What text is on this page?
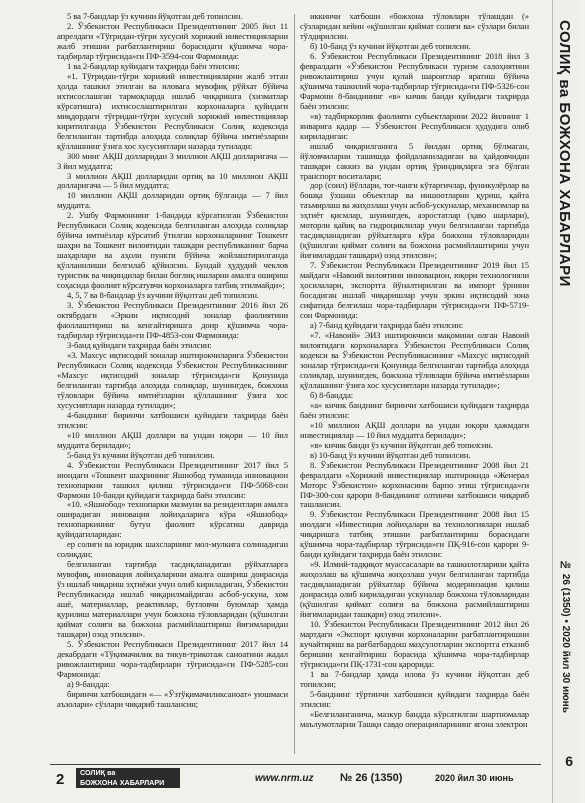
5 ва 7-бандлар ўз кучини йўқотган деб топилсин.

2. Ўзбекистон Республикаси Президентининг 2005 йил 11 апрелдаги «Тўғридан-тўғри хусусий хорижий инвестицияларни жалб этишни рағбатлантириш борасидаги қўшимча чора-тадбирлар тўғрисида»ги ПФ-3594-сон Фармонида:

1 ва 2-бандлар қуйидаги таҳрирда баён этилсин:

«1. Тўғридан-тўғри хорижий инвестицияларни жалб этган ҳолда ташкил этилган ва иловага мувофиқ рўйхат бўйича ихтисослашган тармоқларда ишлаб чиқаришга (хизматлар кўрсатишга) ихтисослаштирилган корхоналарга қуйидаги миқдордаги тўғридан-тўғри хусусий хорижий инвестициялар киритилганда Ўзбекистон Республикаси Солиқ кодексида белгиланган тартибда алоҳида солиқлар бўйича имтиёзларни қўллашнинг ўзига хос хусусиятлари назарда тутилади:

300 минг АҚШ долларидан 3 миллион АҚШ долларигача — 3 йил муддатга;

3 миллион АҚШ долларидан ортиқ ва 10 миллион АҚШ долларигача — 5 йил муддатга;

10 миллион АҚШ долларидан ортиқ бўлганда — 7 йил муддатга.

2. Ушбу Фармоннинг 1-бандида кўрсатилган Ўзбекистон Республикаси Солиқ кодексида белгиланган алоҳида солиқлар бўйича имтиёзлар кўрсатиб ўтилган корхоналарнинг Тошкент шаҳри ва Тошкент вилоятидан ташқари республиканинг барча шаҳарлари ва аҳоли пункти бўйича жойлаштирилганда қўлланилиши белгилаб қўйилсин. Бундай ҳудудий чеклов туристик ва чиқиндилар билан боғлиқ ишларни амалга ошириш соҳасида фаолият кўрсатувчи корхоналарга татбиқ этилмайди»;

4, 5, 7 ва 8-бандлар ўз кучини йўқотган деб топилсин.

3. Ўзбекистон Республикаси Президентининг 2016 йил 26 октябрдаги «Эркин иқтисодий зоналар фаолиятини фаоллаштириш ва кенгайтиришга доир қўшимча чора-тадбирлар тўғрисида»ги ПФ-4853-сон Фармонида:

3-банд қуйидаги таҳрирда баён этилсин:

«3. Махсус иқтисодий зоналар иштирокчиларига Ўзбекистон Республикаси Солиқ кодексида Ўзбекистон Республикасининг «Махсус иқтисодий зоналар тўғрисида»ги Қонунида белгиланган тартибда алоҳида солиқлар, шунингдек, божхона тўловлари бўйича имтиёзларни қўллашнинг ўзига хос хусусиятлари назарда тутилади»;

4-банднинг биринчи хатбошиси қуйидаги таҳрирда баён этилсин:

«10 миллион АҚШ доллари ва ундан юқори — 10 йил муддатга берилади»;

5-банд ўз кучини йўқотган деб топилсин.

4. Ўзбекистон Республикаси Президентининг 2017 йил 5 июндаги «Тошкент шаҳрининг Яшнобод туманида инновацион технопаркни ташкил қилиш тўғрисида»ги ПФ-5068-сон Фармони 10-банди қуйидаги таҳрирда баён этилсин:

«10. «Яшнобод» технопарки мазмуни ва резидентлари амалга оширадиган инновация лойиҳаларига кўра «Яшнобод» технопаркининг бутун фаолият кўрсатиш даврида қуйидагиларидан:

ер солиғи ва юридик шахсларнинг мол-мулкига солинадиган солиқдан;

белгиланган тартибда тасдиқланадиган рўйхатларга мувофиқ, инновация лойиҳаларини амалга ошириш доирасида ўз ишлаб чиқариш эҳтиёжи учун олиб кириладиган, Ўзбекистон Республикасида ишлаб чиқарилмайдиган асбоб-ускуна, хом ашё, материаллар, реактивлар, бутловчи буюмлар ҳамда қурилиш материаллари учун божхона тўловларидан (қўшилган қиймат солиғи ва божхона расмийлаштириш йиғимларидан ташқари) озод этилсин».

5. Ўзбекистон Республикаси Президентининг 2017 йил 14 декабрдаги «Тўқимачилик ва тикув-трикотаж саноатини жадал ривожлантириш чора-тадбирлари тўғрисида»ги ПФ-5285-сон Фармонида:

а) 9-бандда:

биринчи хатбошидаги «— «Ўзтўқимачиликсаноат» уюшмаси аъзолари» сўзлари чиқариб ташлансин;

иккинчи хатбоши «божхона тўловлари тўлашдан (» сўзларидан кейин «қўшилган қиймат солиғи ва» сўзлари билан тўлдирилсин.

б) 10-банд ўз кучини йўқотган деб топилсин.

6. Ўзбекистон Республикаси Президентининг 2018 йил 3 февралдаги «Ўзбекистон Республикаси туризм салоҳиятини ривожлантириш учун қулай шароитлар яратиш бўйича қўшимча ташкилий чора-тадбирлар тўғрисида»ги ПФ-5326-сон Фармони 8-бандининг «в» кичик банди қуйидаги таҳрирда баён этилсин:

«в) тадбиркорлик фаолияти субъектларини 2022 йилнинг 1 январига қадар — Ўзбекистон Республикаси ҳудудига олиб кириладиган:

ишлаб чиқарилганига 5 йилдан ортиқ бўлмаган, йўловчиларни ташишда фойдаланиладиган ва ҳайдовчидан ташқари саккиз ва ундан ортиқ ўриндиқларга эга бўлган транспорт воситалари;

дор (соил) йўллари, тоғ-чанги кўтаргичлар, фуникулёрлар ва бошқа ўхшаш объектлар ва иншоотларни қуриш, қайта таъмирлаш ва жиҳозлаш учун асбоб-ускуналар, механизмлар ва эҳтиёт қисмлар, шунингдек, аэростатлар (ҳаво шарлари), моторли қайиқ ва гидроциклилар учун белгиланган тартибда тасдиқланадиган рўйхатларга кўра божхона тўловларидан (қўшилган қиймат солиғи ва божхона расмийлаштириш учун йиғимлардан ташқари) озод этилсин»;

7. Ўзбекистон Республикаси Президентининг 2019 йил 15 майдаги «Навоий вилоятини инновацион, юқори технологияли ҳосилалари, экспортга йўналтирилган ва импорт ўрнини босадиган ишлаб чиқаришлар учун эркин иқтисодий зона сифатида белгилаш чора-тадбирлари тўғрисида»ги ПФ-5719-сон Фармонида:

а) 7-банд қуйидаги таҳрирда баён этилсин:

«7. «Навоий» ЭИЗ иштирокчиси мақомини олган Навоий вилоятидаги корхоналарга Ўзбекистон Республикаси Солиқ кодекси ва Ўзбекистон Республикасининг «Махсус иқтисодий зоналар тўғрисида»ги Қонунида белгиланган тартибда алоҳида солиқлар, шунингдек, божхона тўловлари бўйича имтиёзларни қўллашнинг ўзига хос хусусиятлари назарда тутилади»;

б) 8-бандда:

«а» кичик банднинг биринчи хатбошиси қуйидаги таҳрирда баён этилсин:

«10 миллион АҚШ доллари ва ундан юқори ҳажмдаги инвестициялар — 10 йил муддатга берилади»;

«в» кичик банди ўз кучини йўқотган деб топилсин.

в) 10-банд ўз кучини йўқотган деб топилсин.

8. Ўзбекистон Республикаси Президентининг 2008 йил 21 февралдаги «Хорижий инвестициялар иштирокида «Женерал Моторс Ўзбекистон» корхонасини барпо этиш тўғрисида»ги ПФ-300-сон қарори 8-бандининг олтинчи хатбошиси чиқариб ташлансин.

9. Ўзбекистон Республикаси Президентининг 2008 йил 15 июлдаги «Инвестиция лойиҳалари ва технологиялари ишлаб чиқаришга татбиқ этишни рағбатлантириш борасидаги қўшимча чора-тадбирлар тўғрисида»ги ПҚ-916-сон қарори 9-банди қуйидаги таҳрирда баён этилсин:

«9. Илмий-тадқиқот муассасалари ва ташкилотларини қайта жиҳозлаш ва қўшимча жиҳозлаш учун белгиланган тартибда тасдиқланадиган рўйхатлар бўйича модернизация қилиш доирасида олиб кириладиган ускуналар божхона тўловларидан (қўшилган қиймат солиғи ва божхона расмийлаштириш йиғимларидан ташқари) озод этилсин».

10. Ўзбекистон Республикаси Президентининг 2012 йил 26 мартдаги «Экспорт қилувчи корхоналарни рағбатлантиришни кучайтириш ва рағбатбардош маҳсулотларни экспортга етказиб беришни кенгайтириш борасида қўшимча чора-тадбирлар тўғрисида»ги ПҚ-1731-сон қарорида:

1 ва 7-бандлар ҳамда илова ўз кучини йўқотган деб топилсин;

5-банднинг тўртинчи хатбошиси қуйидаги таҳрирда баён этилсин:

«Белгиланганича, мазкур бандда кўрсатилган шартномалар маълумотларни Ташқи савдо операцияларининг ягона электрон

СОЛИҚ ва БОЖХОНА ХАБАРЛАРИ
№ 26 (1350) • 2020 йил 30 июнь
6
2 СОЛИҚ ва
БОЖХОНА ХАБАРЛАРИ	www.nrm.uz № 26 (1350)	2020 йил 30 июнь
